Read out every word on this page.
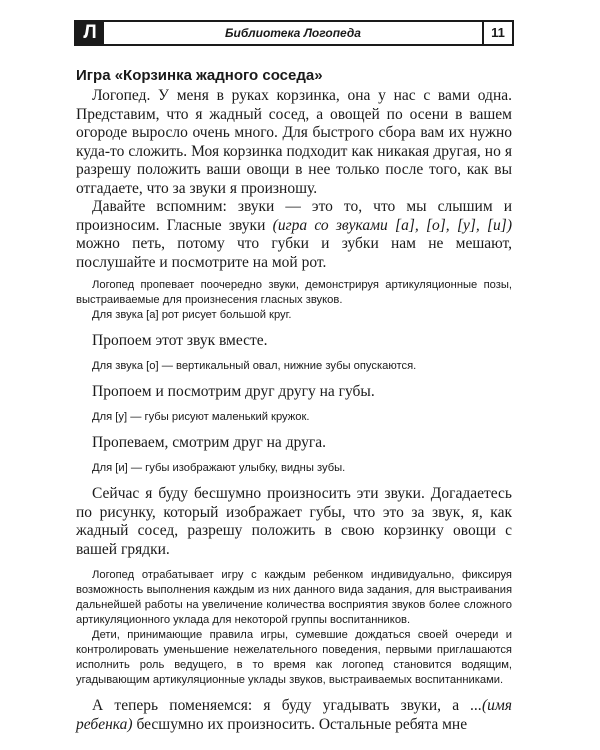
Л	Библиотека Логопеда	11
Игра «Корзинка жадного соседа»

Логопед. У меня в руках корзинка, она у нас с вами одна. Представим, что я жадный сосед, а овощей по осени в вашем огороде выросло очень много. Для быстрого сбора вам их нужно куда-то сложить. Моя корзинка подходит как никакая другая, но я разрешу положить ваши овощи в нее только после того, как вы отгадаете, что за звуки я произношу.

Давайте вспомним: звуки — это то, что мы слышим и произносим. Гласные звуки (игра со звуками [а], [о], [у], [и]) можно петь, потому что губки и зубки нам не мешают, послушайте и посмотрите на мой рот.

Логопед пропевает поочередно звуки, демонстрируя артикуляционные позы, выстраиваемые для произнесения гласных звуков.

Для звука [а] рот рисует большой круг.

Пропоем этот звук вместе.

Для звука [о] — вертикальный овал, нижние зубы опускаются.

Пропоем и посмотрим друг другу на губы.

Для [у] — губы рисуют маленький кружок.

Пропеваем, смотрим друг на друга.

Для [и] — губы изображают улыбку, видны зубы.

Сейчас я буду бесшумно произносить эти звуки. Догадаетесь по рисунку, который изображает губы, что это за звук, я, как жадный сосед, разрешу положить в свою корзинку овощи с вашей грядки.

Логопед отрабатывает игру с каждым ребенком индивидуально, фиксируя возможность выполнения каждым из них данного вида задания, для выстраивания дальнейшей работы на увеличение количества восприятия звуков более сложного артикуляционного уклада для некоторой группы воспитанников.

Дети, принимающие правила игры, сумевшие дождаться своей очереди и контролировать уменьшение нежелательного поведения, первыми приглашаются исполнить роль ведущего, в то время как логопед становится водящим, угадывающим артикуляционные уклады звуков, выстраиваемых воспитанниками.

А теперь поменяемся: я буду угадывать звуки, а ...(имя ребенка) бесшумно их произносить. Остальные ребята мне
